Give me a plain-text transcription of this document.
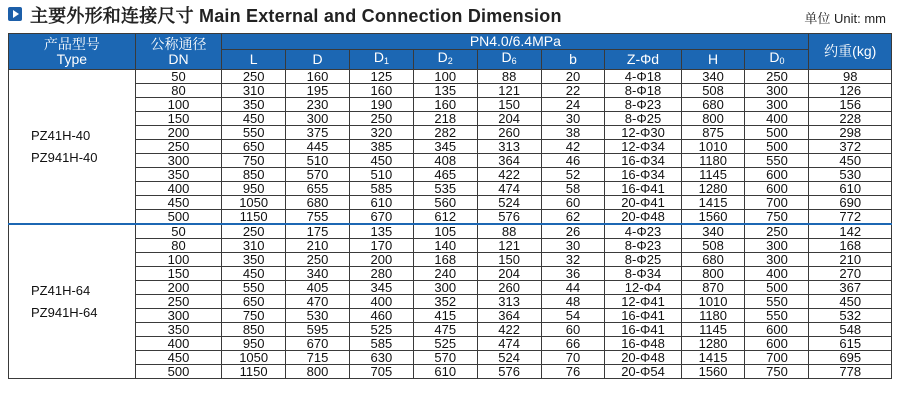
主要外形和连接尺寸 Main External and Connection Dimension	单位 Unit: mm
产品型号
Type	公称通径
DN	PN4.0/6.4MPa									约重(kg)
		L	D	$D_1$	$D_2$	$D_6$	b	Z-Φd	H	$D_0$

PZ41H-40
PZ941H-40	50	250	160	125	100	88	20	4-Φ18	340	250	98
	80	310	195	160	135	121	22	8-Φ18	508	300	126
	100	350	230	190	160	150	24	8-Φ23	680	300	156
	150	450	300	250	218	204	30	8-Φ25	800	400	228
	200	550	375	320	282	260	38	12-Φ30	875	500	298
	250	650	445	385	345	313	42	12-Φ34	1010	500	372
	300	750	510	450	408	364	46	16-Φ34	1180	550	450
	350	850	570	510	465	422	52	16-Φ34	1145	600	530
	400	950	655	585	535	474	58	16-Φ41	1280	600	610
	450	1050	680	610	560	524	60	20-Φ41	1415	700	690
	500	1150	755	670	612	576	62	20-Φ48	1560	750	772

PZ41H-64
PZ941H-64	50	250	175	135	105	88	26	4-Φ23	340	250	142
	80	310	210	170	140	121	30	8-Φ23	508	300	168
	100	350	250	200	168	150	32	8-Φ25	680	300	210
	150	450	340	280	240	204	36	8-Φ34	800	400	270
	200	550	405	345	300	260	44	12-Φ4	870	500	367
	250	650	470	400	352	313	48	12-Φ41	1010	550	450
	300	750	530	460	415	364	54	16-Φ41	1180	550	532
	350	850	595	525	475	422	60	16-Φ41	1145	600	548
	400	950	670	585	525	474	66	16-Φ48	1280	600	615
	450	1050	715	630	570	524	70	20-Φ48	1415	700	695
	500	1150	800	705	610	576	76	20-Φ54	1560	750	778
